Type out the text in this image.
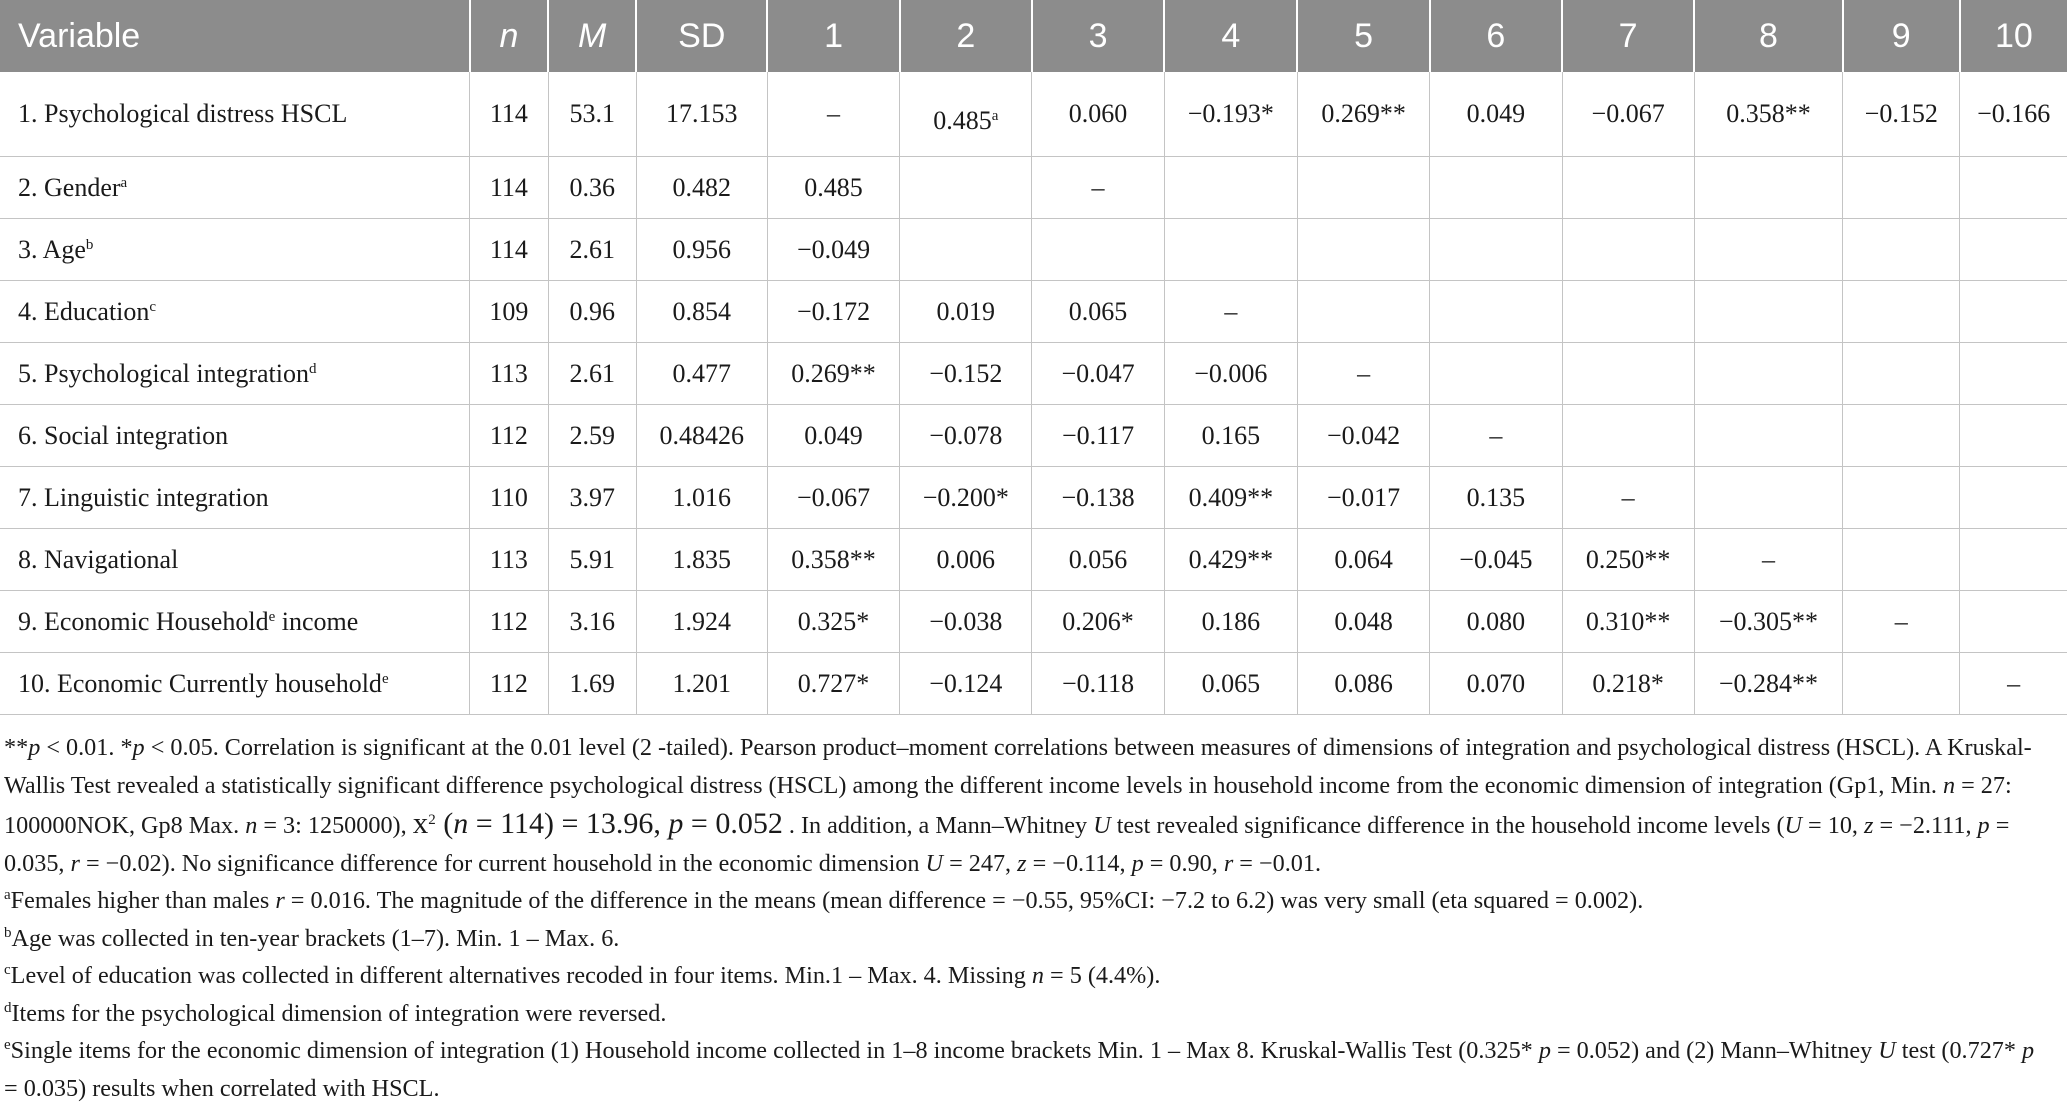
Variable	n	M	SD	1	2	3	4	5	6	7	8	9	10
1. Psychological distress HSCL	114	53.1	17.153	–	0.485$^a$	0.060	−0.193*	0.269**	0.049	−0.067	0.358**	−0.152	−0.166
2. Gender$^a$	114	0.36	0.482	0.485		–							
3. Age$^b$	114	2.61	0.956	−0.049									
4. Education$^c$	109	0.96	0.854	−0.172	0.019	0.065	–						
5. Psychological integration$^d$	113	2.61	0.477	0.269**	−0.152	−0.047	−0.006	–					
6. Social integration	112	2.59	0.48426	0.049	−0.078	−0.117	0.165	−0.042	–				
7. Linguistic integration	110	3.97	1.016	−0.067	−0.200*	−0.138	0.409**	−0.017	0.135	–			
8. Navigational	113	5.91	1.835	0.358**	0.006	0.056	0.429**	0.064	−0.045	0.250**	–		
9. Economic Household$^e$ income	112	3.16	1.924	0.325*	−0.038	0.206*	0.186	0.048	0.080	0.310**	−0.305**	–	
10. Economic Currently household$^e$	112	1.69	1.201	0.727*	−0.124	−0.118	0.065	0.086	0.070	0.218*	−0.284**		–

**p < 0.01. *p < 0.05. Correlation is significant at the 0.01 level (2 -tailed). Pearson product–moment correlations between measures of dimensions of integration and psychological distress (HSCL). A Kruskal-Wallis Test revealed a statistically significant difference psychological distress (HSCL) among the different income levels in household income from the economic dimension of integration (Gp1, Min. n = 27: 100000NOK, Gp8 Max. n = 3: 1250000), $x^2$ (n = 114) = 13.96, p = 0.052 . In addition, a Mann–Whitney U test revealed significance difference in the household income levels (U = 10, z = −2.111, p = 0.035, r = −0.02). No significance difference for current household in the economic dimension U = 247, z = −0.114, p = 0.90, r = −0.01.

$^a$Females higher than males r = 0.016. The magnitude of the difference in the means (mean difference = −0.55, 95%CI: −7.2 to 6.2) was very small (eta squared = 0.002).

$^b$Age was collected in ten-year brackets (1–7). Min. 1 – Max. 6.

$^c$Level of education was collected in different alternatives recoded in four items. Min.1 – Max. 4. Missing n = 5 (4.4%).

$^d$Items for the psychological dimension of integration were reversed.

$^e$Single items for the economic dimension of integration (1) Household income collected in 1–8 income brackets Min. 1 – Max 8. Kruskal-Wallis Test (0.325* p = 0.052) and (2) Mann–Whitney U test (0.727* p = 0.035) results when correlated with HSCL.
